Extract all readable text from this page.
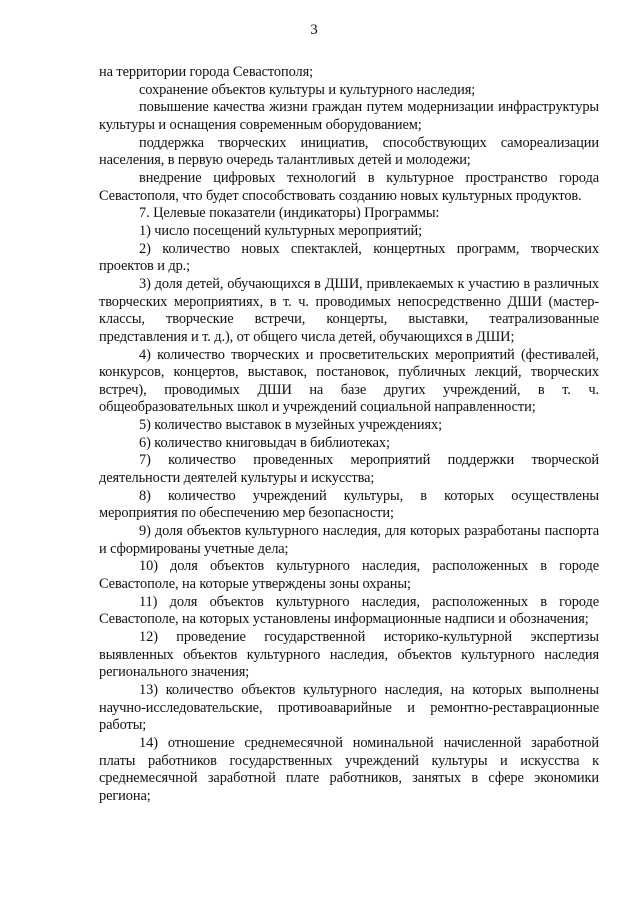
3

на территории города Севастополя;

сохранение объектов культуры и культурного наследия;

повышение качества жизни граждан путем модернизации инфраструктуры культуры и оснащения современным оборудованием;

поддержка творческих инициатив, способствующих самореализации населения, в первую очередь талантливых детей и молодежи;

внедрение цифровых технологий в культурное пространство города Севастополя, что будет способствовать созданию новых культурных продуктов.

7. Целевые показатели (индикаторы) Программы:

1) число посещений культурных мероприятий;

2) количество новых спектаклей, концертных программ, творческих проектов и др.;

3) доля детей, обучающихся в ДШИ, привлекаемых к участию в различных творческих мероприятиях, в т. ч. проводимых непосредственно ДШИ (мастер-классы, творческие встречи, концерты, выставки, театрализованные представления и т. д.), от общего числа детей, обучающихся в ДШИ;

4) количество творческих и просветительских мероприятий (фестивалей, конкурсов, концертов, выставок, постановок, публичных лекций, творческих встреч), проводимых ДШИ на базе других учреждений, в т. ч. общеобразовательных школ и учреждений социальной направленности;

5) количество выставок в музейных учреждениях;

6) количество книговыдач в библиотеках;

7) количество проведенных мероприятий поддержки творческой деятельности деятелей культуры и искусства;

8) количество учреждений культуры, в которых осуществлены мероприятия по обеспечению мер безопасности;

9) доля объектов культурного наследия, для которых разработаны паспорта и сформированы учетные дела;

10) доля объектов культурного наследия, расположенных в городе Севастополе, на которые утверждены зоны охраны;

11) доля объектов культурного наследия, расположенных в городе Севастополе, на которых установлены информационные надписи и обозначения;

12) проведение государственной историко-культурной экспертизы выявленных объектов культурного наследия, объектов культурного наследия регионального значения;

13) количество объектов культурного наследия, на которых выполнены научно-исследовательские, противоаварийные и ремонтно-реставрационные работы;

14) отношение среднемесячной номинальной начисленной заработной платы работников государственных учреждений культуры и искусства к среднемесячной заработной плате работников, занятых в сфере экономики региона;
